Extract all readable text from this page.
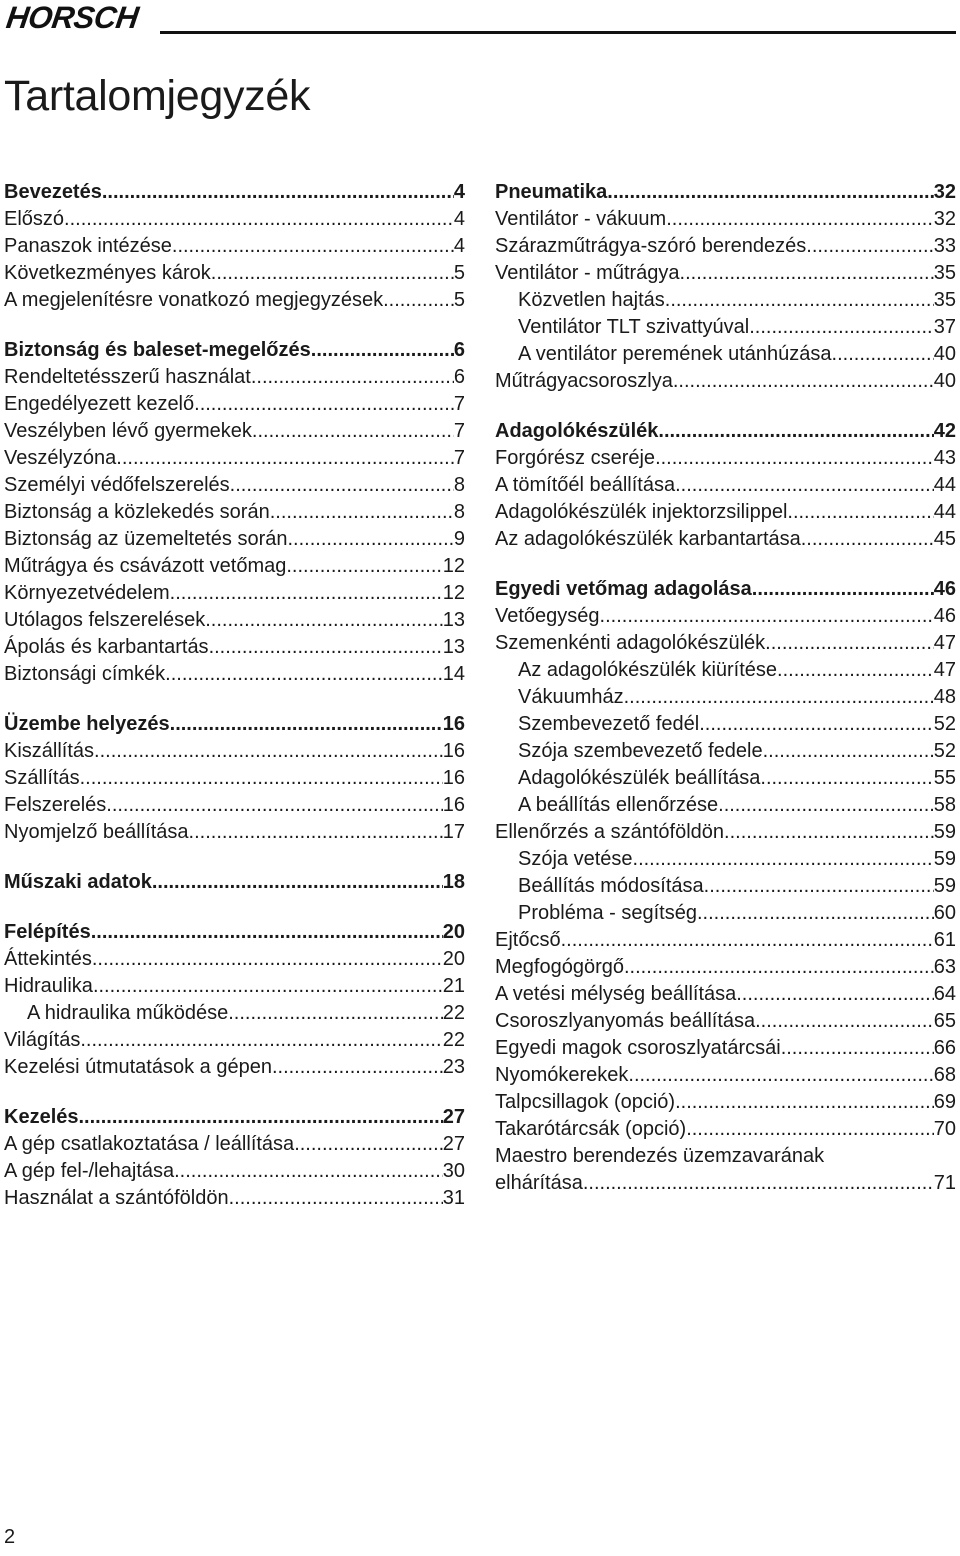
HORSCH
Tartalomjegyzék
Bevezetés .....	4
Előszó .....	4
Panaszok intézése .....	4
Következményes károk .....	5
A megjelenítésre vonatkozó megjegyzések .....	5
Biztonság és baleset-megelőzés .....	6
Rendeltetésszerű használat .....	6
Engedélyezett kezelő .....	7
Veszélyben lévő gyermekek .....	7
Veszélyzóna .....	7
Személyi védőfelszerelés .....	8
Biztonság a közlekedés során .....	8
Biztonság az üzemeltetés során .....	9
Műtrágya és csávázott vetőmag .....	12
Környezetvédelem .....	12
Utólagos felszerelések .....	13
Ápolás és karbantartás .....	13
Biztonsági címkék .....	14
Üzembe helyezés .....	16
Kiszállítás .....	16
Szállítás .....	16
Felszerelés .....	16
Nyomjelző beállítása .....	17
Műszaki adatok .....	18
Felépítés .....	20
Áttekintés .....	20
Hidraulika .....	21
A hidraulika működése .....	22
Világítás .....	22
Kezelési útmutatások a gépen .....	23
Kezelés .....	27
A gép csatlakoztatása / leállítása .....	27
A gép fel-/lehajtása .....	30
Használat a szántóföldön .....	31
Pneumatika .....	32
Ventilátor - vákuum .....	32
Szárazműtrágya-szóró berendezés .....	33
Ventilátor - műtrágya .....	35
Közvetlen hajtás .....	35
Ventilátor TLT szivattyúval .....	37
A ventilátor peremének utánhúzása .....	40
Műtrágyacsoroszlya .....	40
Adagolókészülék .....	42
Forgórész cseréje .....	43
A tömítőél beállítása .....	44
Adagolókészülék injektorzsilippel .....	44
Az adagolókészülék karbantartása .....	45
Egyedi vetőmag adagolása .....	46
Vetőegység .....	46
Szemenkénti adagolókészülék .....	47
Az adagolókészülék kiürítése .....	47
Vákuumház .....	48
Szembevezető fedél .....	52
Szója szembevezető fedele .....	52
Adagolókészülék beállítása .....	55
A beállítás ellenőrzése .....	58
Ellenőrzés a szántóföldön .....	59
Szója vetése .....	59
Beállítás módosítása .....	59
Probléma - segítség .....	60
Ejtőcső .....	61
Megfogógörgő .....	63
A vetési mélység beállítása .....	64
Csoroszlyanyomás beállítása .....	65
Egyedi magok csoroszlyatárcsái .....	66
Nyomókerekek .....	68
Talpcsillagok (opció) .....	69
Takarótárcsák (opció) .....	70
Maestro berendezés üzemzavarának
elhárítása .....	71
2
